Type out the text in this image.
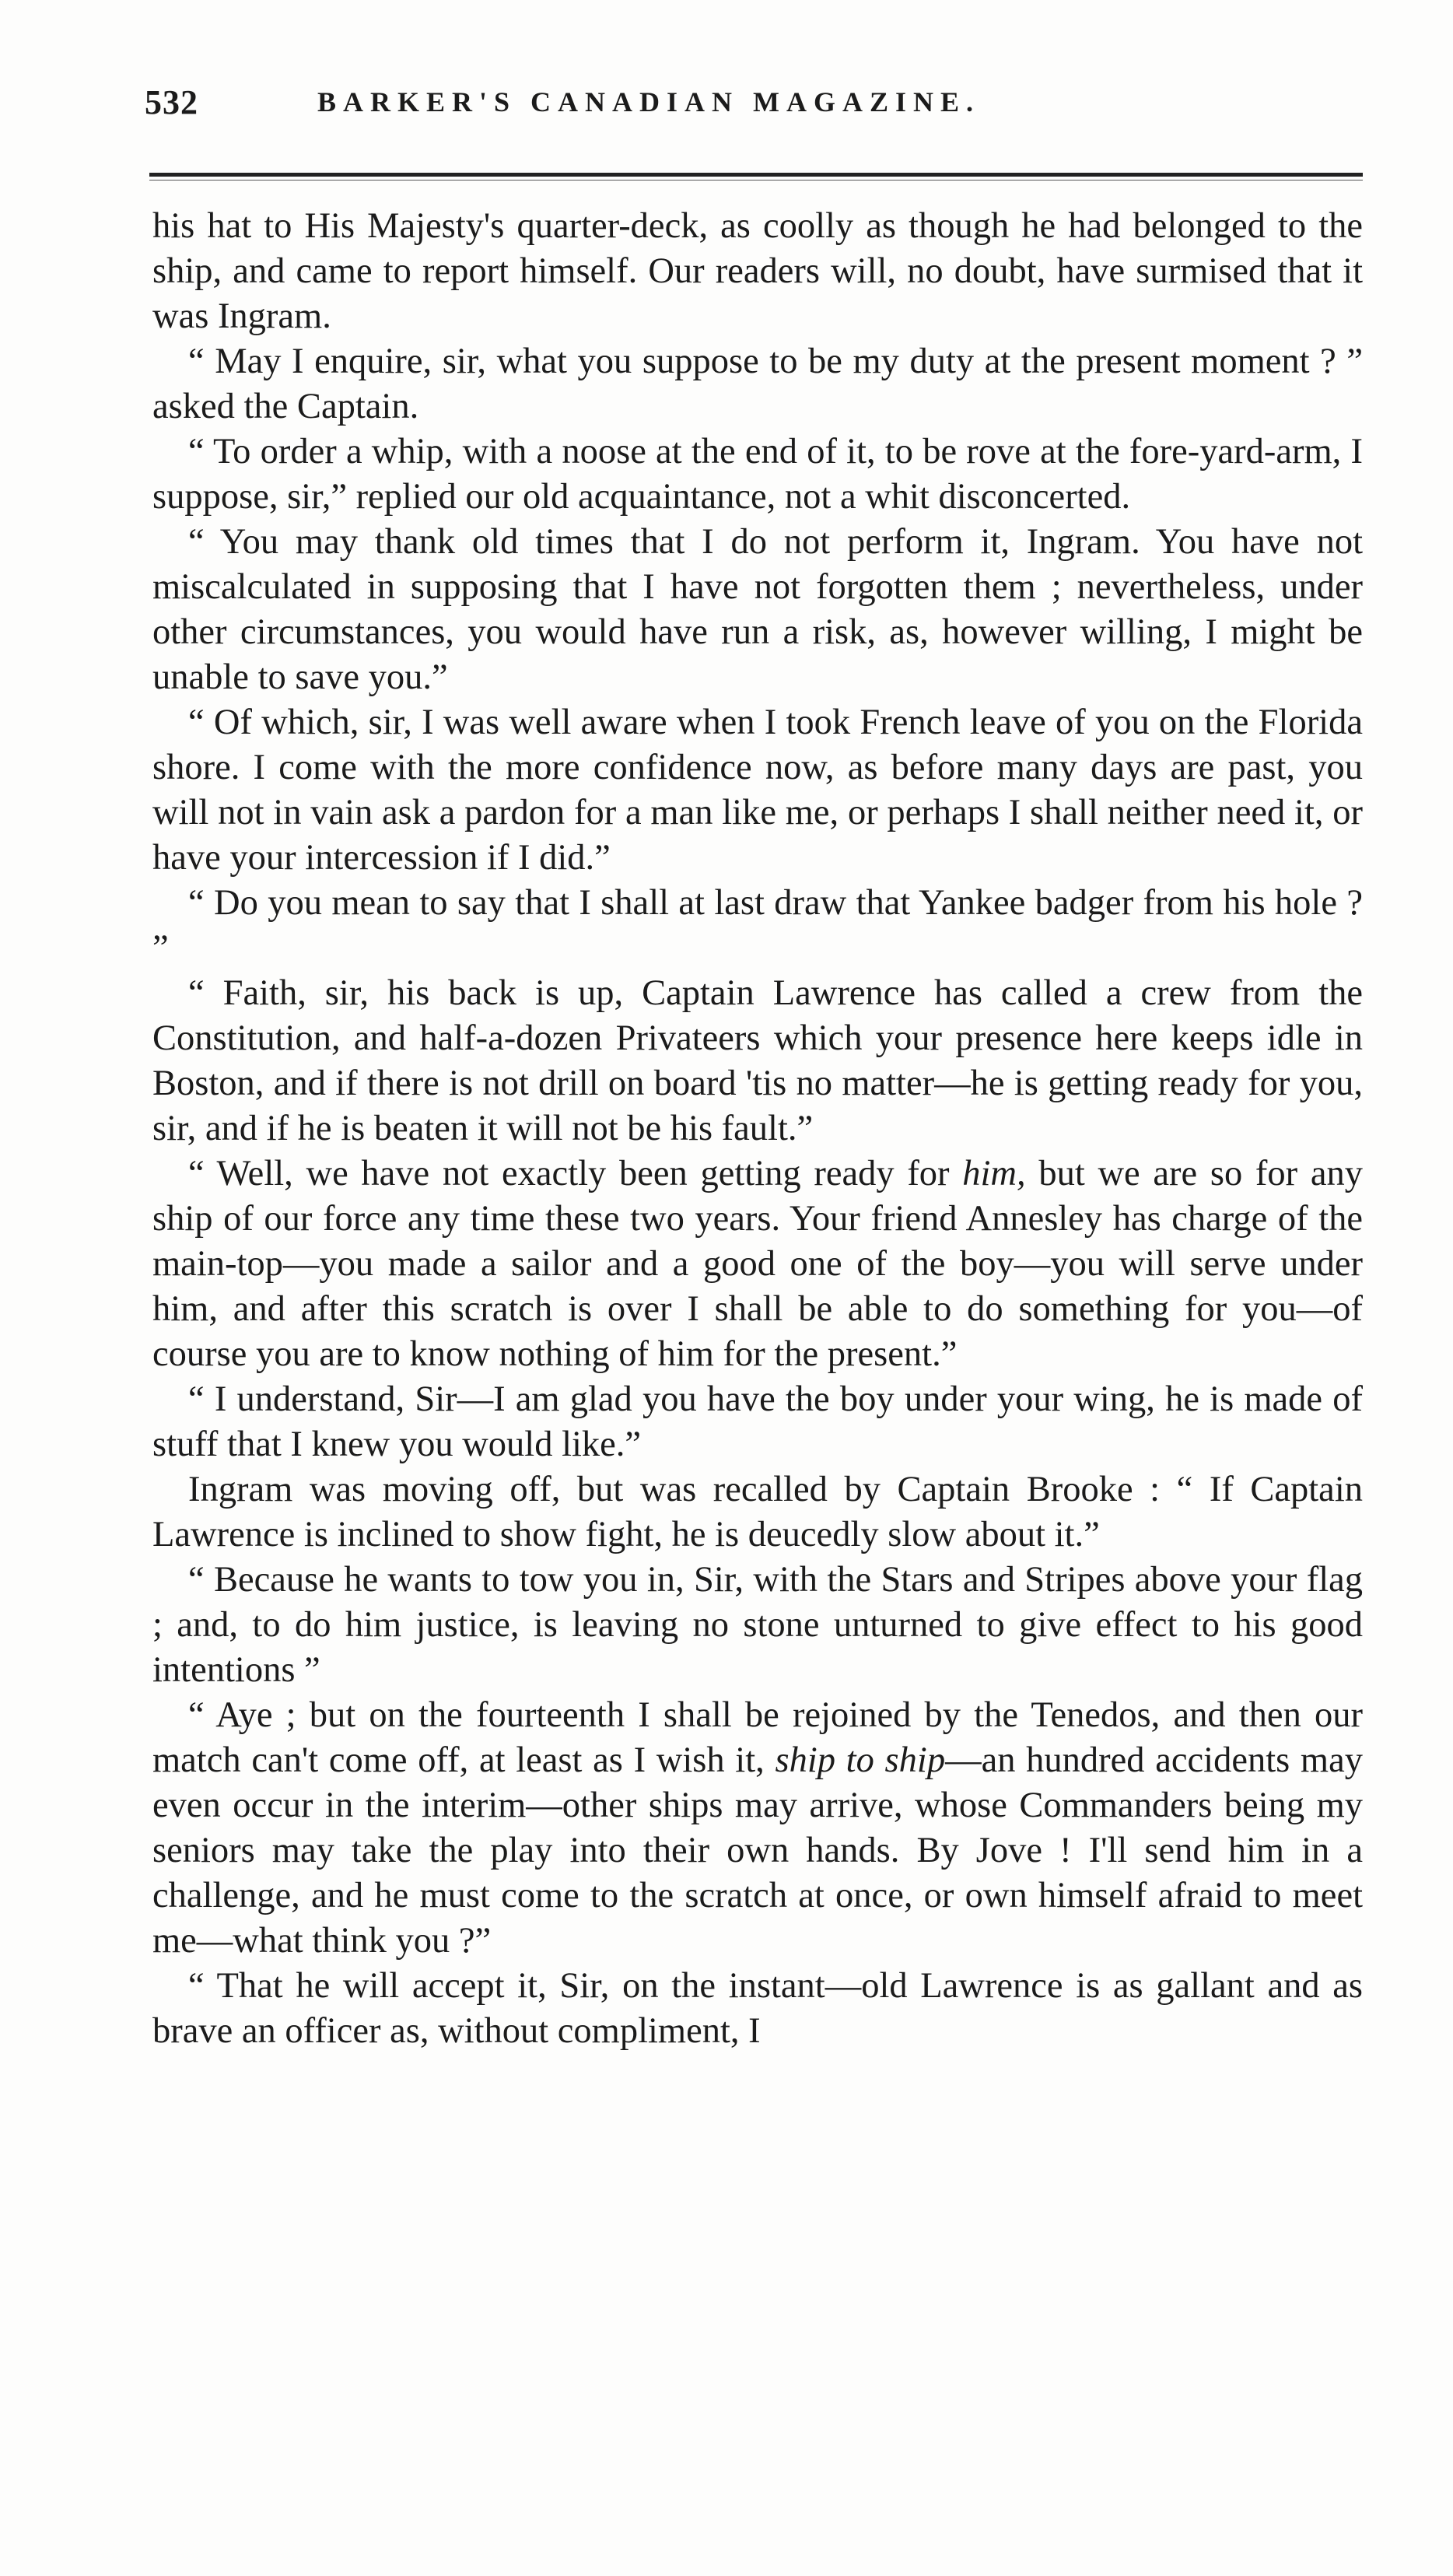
532	BARKER'S CANADIAN MAGAZINE.

his hat to His Majesty's quarter-deck, as coolly as though he had belonged to the ship, and came to report himself. Our readers will, no doubt, have surmised that it was Ingram.

“ May I enquire, sir, what you suppose to be my duty at the present moment ? ” asked the Captain.

“ To order a whip, with a noose at the end of it, to be rove at the fore-yard-arm, I suppose, sir,” replied our old acquaintance, not a whit disconcerted.

“ You may thank old times that I do not perform it, Ingram. You have not miscalculated in supposing that I have not forgotten them ; nevertheless, under other circumstances, you would have run a risk, as, however willing, I might be unable to save you.”

“ Of which, sir, I was well aware when I took French leave of you on the Florida shore. I come with the more confidence now, as before many days are past, you will not in vain ask a pardon for a man like me, or perhaps I shall neither need it, or have your intercession if I did.”

“ Do you mean to say that I shall at last draw that Yankee badger from his hole ? ”

“ Faith, sir, his back is up, Captain Lawrence has called a crew from the Constitution, and half-a-dozen Privateers which your presence here keeps idle in Boston, and if there is not drill on board 'tis no matter—he is getting ready for you, sir, and if he is beaten it will not be his fault.”

“ Well, we have not exactly been getting ready for him, but we are so for any ship of our force any time these two years. Your friend Annesley has charge of the main-top—you made a sailor and a good one of the boy—you will serve under him, and after this scratch is over I shall be able to do something for you—of course you are to know nothing of him for the present.”

“ I understand, Sir—I am glad you have the boy under your wing, he is made of stuff that I knew you would like.”

Ingram was moving off, but was recalled by Captain Brooke : “ If Captain Lawrence is inclined to show fight, he is deucedly slow about it.”

“ Because he wants to tow you in, Sir, with the Stars and Stripes above your flag ; and, to do him justice, is leaving no stone unturned to give effect to his good intentions ”

“ Aye ; but on the fourteenth I shall be rejoined by the Tenedos, and then our match can't come off, at least as I wish it, ship to ship—an hundred accidents may even occur in the interim—other ships may arrive, whose Commanders being my seniors may take the play into their own hands. By Jove ! I'll send him in a challenge, and he must come to the scratch at once, or own himself afraid to meet me—what think you ?”

“ That he will accept it, Sir, on the instant—old Lawrence is as gallant and as brave an officer as, without compliment, I
